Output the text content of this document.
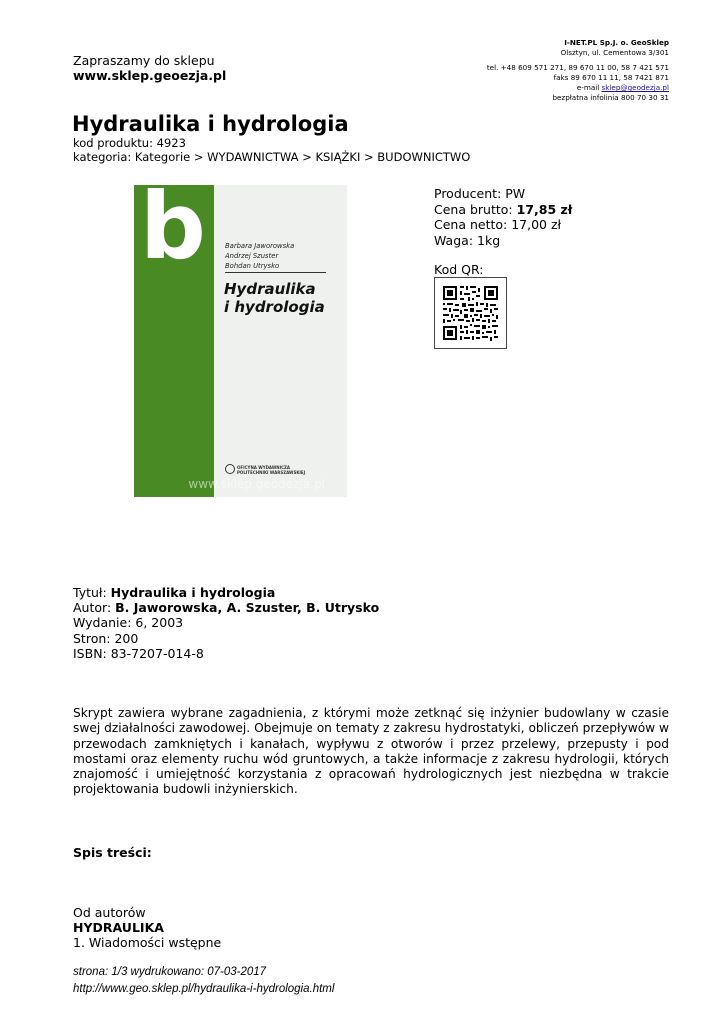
I-NET.PL Sp.J. o. GeoSklep
Olsztyn, ul. Cementowa 3/301
tel. +48 609 571 271, 89 670 11 00, 58 7 421 571
faks 89 670 11 11, 58 7421 871
e-mail sklep@geodezja.pl
bezpłatna infolinia 800 70 30 31
Zapraszamy do sklepu
www.sklep.geoezja.pl
Hydraulika i hydrologia
kod produktu: 4923
kategoria: Kategorie > WYDAWNICTWA > KSIĄŻKI > BUDOWNICTWO
b	Barbara Jaworowska
Andrzej Szuster
Bohdan Utrysko
Hydraulika
i hydrologia
OFICYNA WYDAWNICZA
POLITECHNIKI WARSZAWSKIEJ
www.sklep.geodezja.pl
Producent: PW
Cena brutto: 17,85 zł
Cena netto: 17,00 zł
Waga: 1kg
Kod QR:
Tytuł: Hydraulika i hydrologia
Autor: B. Jaworowska, A. Szuster, B. Utrysko
Wydanie: 6, 2003
Stron: 200
ISBN: 83-7207-014-8
Skrypt zawiera wybrane zagadnienia, z którymi może zetknąć się inżynier budowlany w czasie swej działalności zawodowej. Obejmuje on tematy z zakresu hydrostatyki, obliczeń przepływów w przewodach zamkniętych i kanałach, wypływu z otworów i przez przelewy, przepusty i pod mostami oraz elementy ruchu wód gruntowych, a także informacje z zakresu hydrologii, których znajomość i umiejętność korzystania z opracowań hydrologicznych jest niezbędna w trakcie projektowania budowli inżynierskich.
Spis treści:
Od autorów
HYDRAULIKA
1. Wiadomości wstępne
strona: 1/3 wydrukowano: 07-03-2017
http://www.geo.sklep.pl/hydraulika-i-hydrologia.html
